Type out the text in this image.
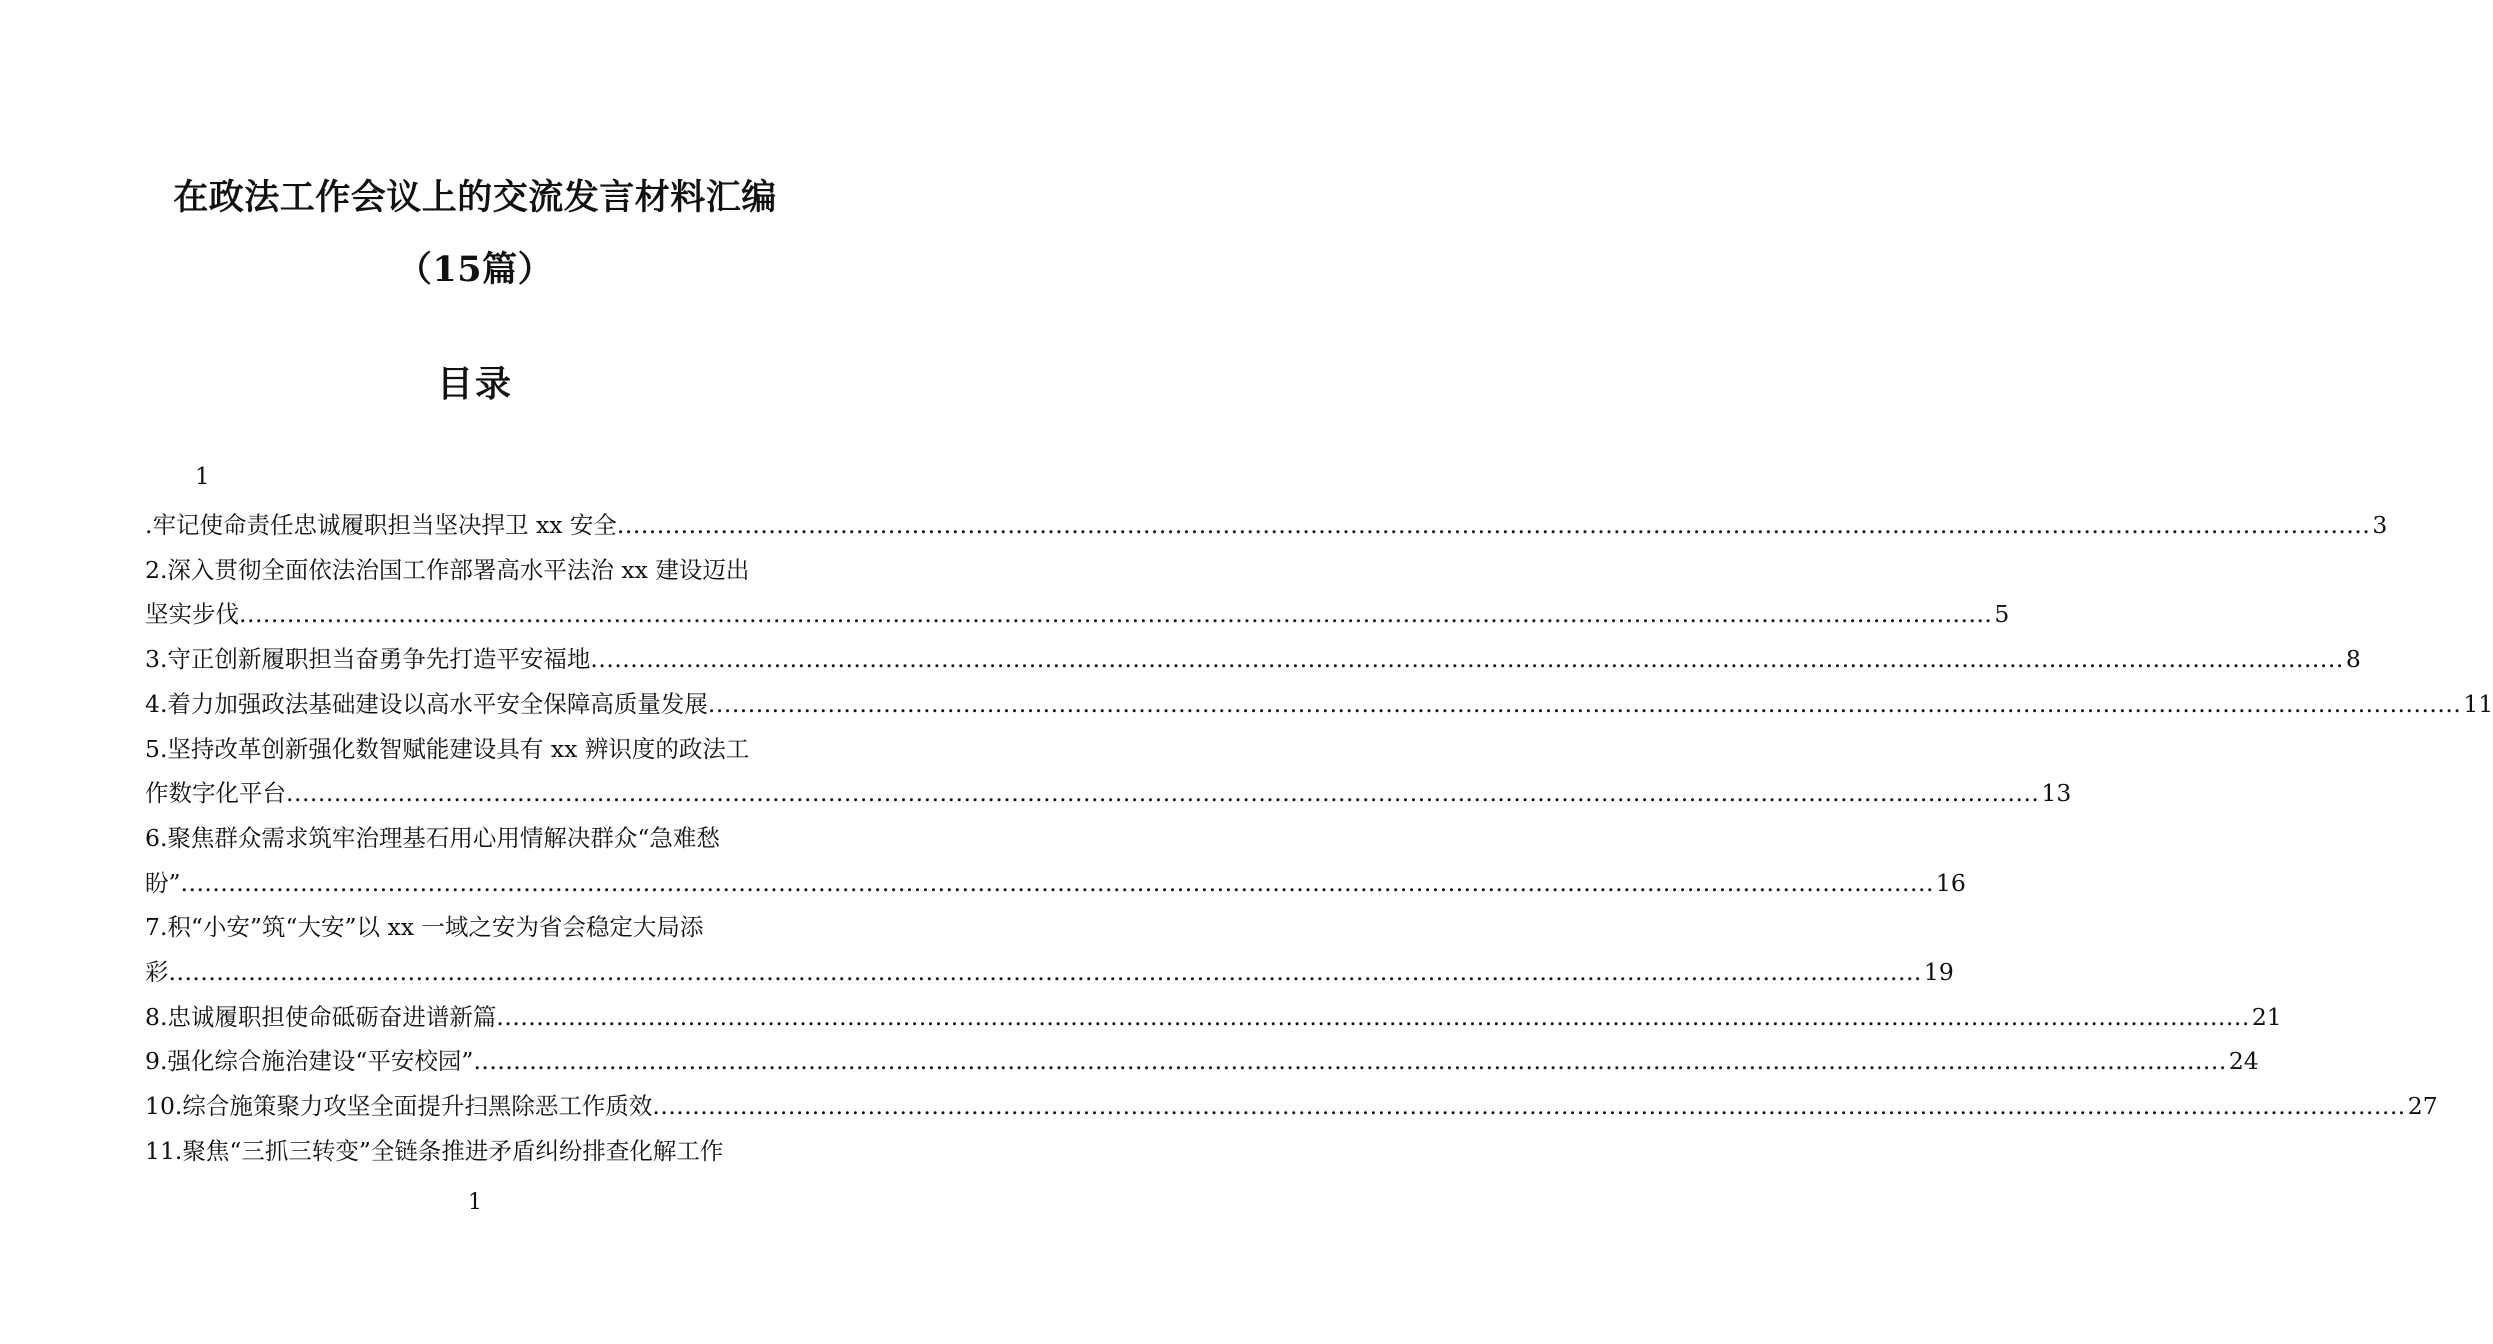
在政法工作会议上的交流发言材料汇编
（15篇）
目录
1
.牢记使命责任忠诚履职担当坚决捍卫 xx 安全 ............................................................................................................................................................................................................................ 3
2.深入贯彻全面依法治国工作部署高水平法治 xx 建设迈出
坚实步伐 ............................................................................................................................................................................................................................ 5
3.守正创新履职担当奋勇争先打造平安福地 ............................................................................................................................................................................................................................ 8
4.着力加强政法基础建设以高水平安全保障高质量发展 ............................................................................................................................................................................................................................ 11
5.坚持改革创新强化数智赋能建设具有 xx 辨识度的政法工
作数字化平台 ............................................................................................................................................................................................................................ 13
6.聚焦群众需求筑牢治理基石用心用情解决群众“急难愁
盼” ............................................................................................................................................................................................................................ 16
7.积“小安”筑“大安”以 xx 一域之安为省会稳定大局添
彩 ............................................................................................................................................................................................................................ 19
8.忠诚履职担使命砥砺奋进谱新篇 ............................................................................................................................................................................................................................ 21
9.强化综合施治建设“平安校园” ............................................................................................................................................................................................................................ 24
10.综合施策聚力攻坚全面提升扫黑除恶工作质效 ............................................................................................................................................................................................................................ 27
11.聚焦“三抓三转变”全链条推进矛盾纠纷排查化解工作
1
